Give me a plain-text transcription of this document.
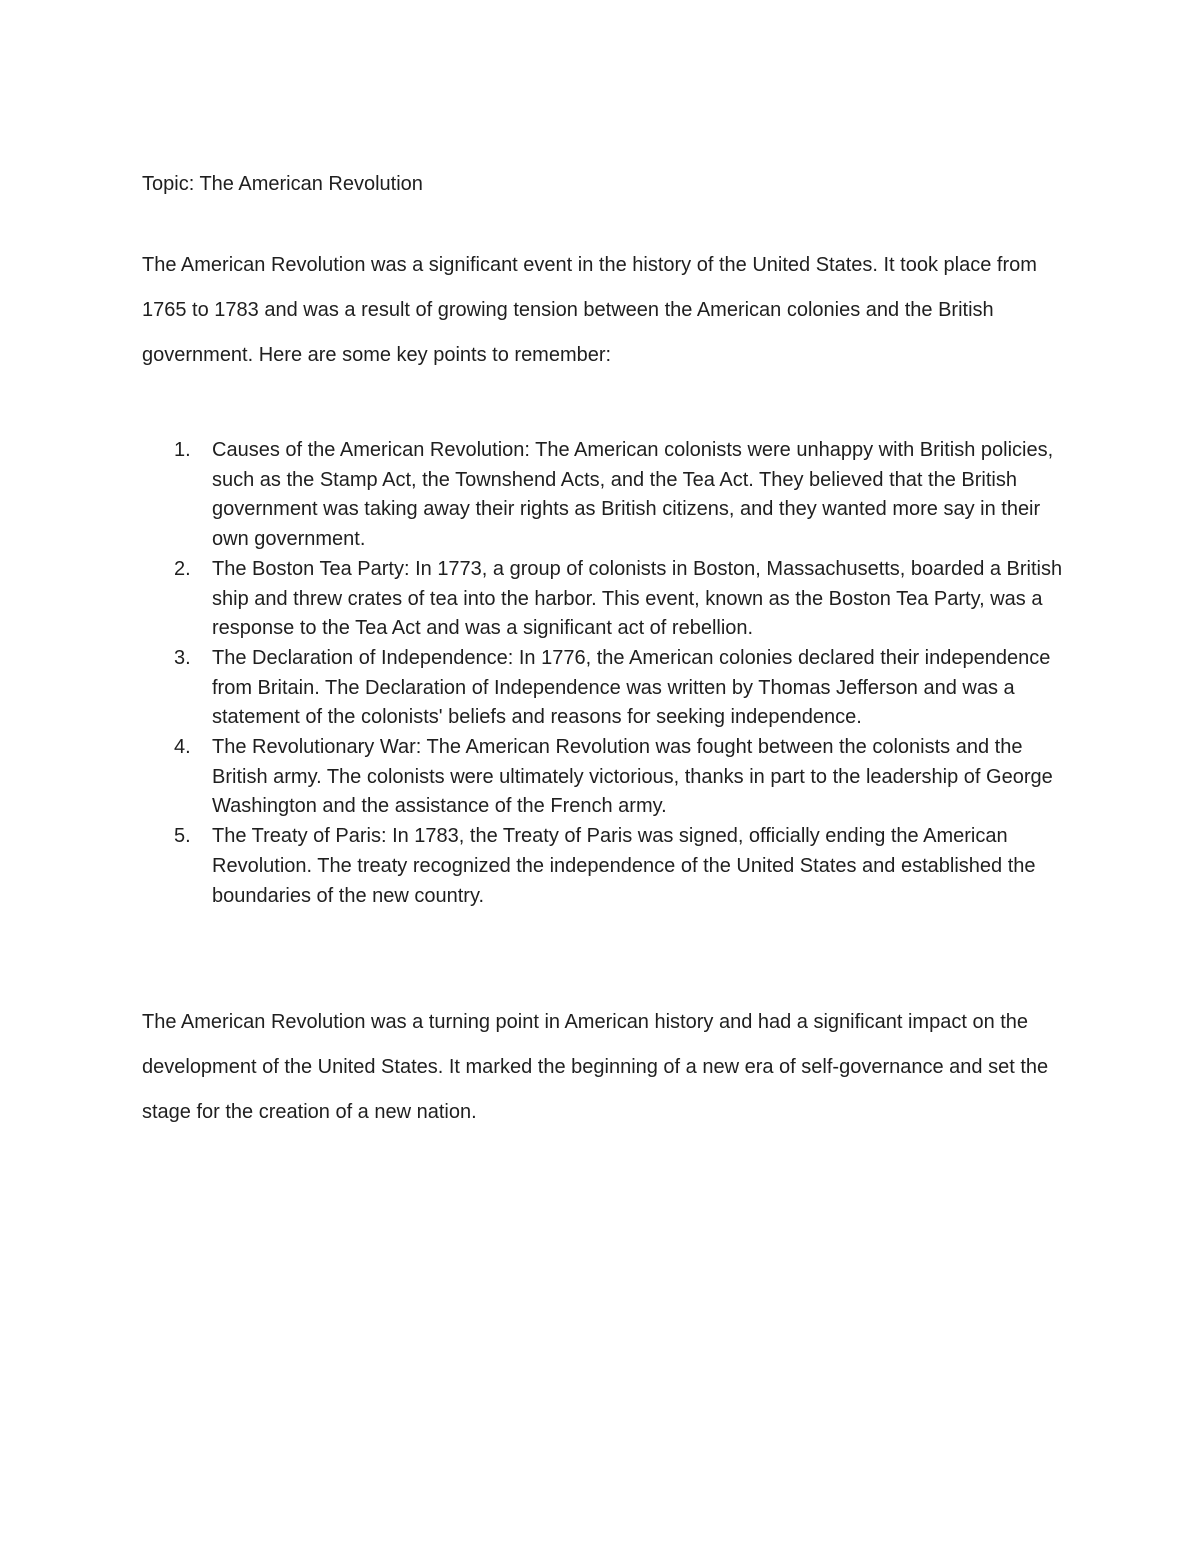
Topic: The American Revolution

The American Revolution was a significant event in the history of the United States. It took place from 1765 to 1783 and was a result of growing tension between the American colonies and the British government. Here are some key points to remember:

1. Causes of the American Revolution: The American colonists were unhappy with British policies, such as the Stamp Act, the Townshend Acts, and the Tea Act. They believed that the British government was taking away their rights as British citizens, and they wanted more say in their own government.
2. The Boston Tea Party: In 1773, a group of colonists in Boston, Massachusetts, boarded a British ship and threw crates of tea into the harbor. This event, known as the Boston Tea Party, was a response to the Tea Act and was a significant act of rebellion.
3. The Declaration of Independence: In 1776, the American colonies declared their independence from Britain. The Declaration of Independence was written by Thomas Jefferson and was a statement of the colonists' beliefs and reasons for seeking independence.
4. The Revolutionary War: The American Revolution was fought between the colonists and the British army. The colonists were ultimately victorious, thanks in part to the leadership of George Washington and the assistance of the French army.
5. The Treaty of Paris: In 1783, the Treaty of Paris was signed, officially ending the American Revolution. The treaty recognized the independence of the United States and established the boundaries of the new country.

The American Revolution was a turning point in American history and had a significant impact on the development of the United States. It marked the beginning of a new era of self-governance and set the stage for the creation of a new nation.
